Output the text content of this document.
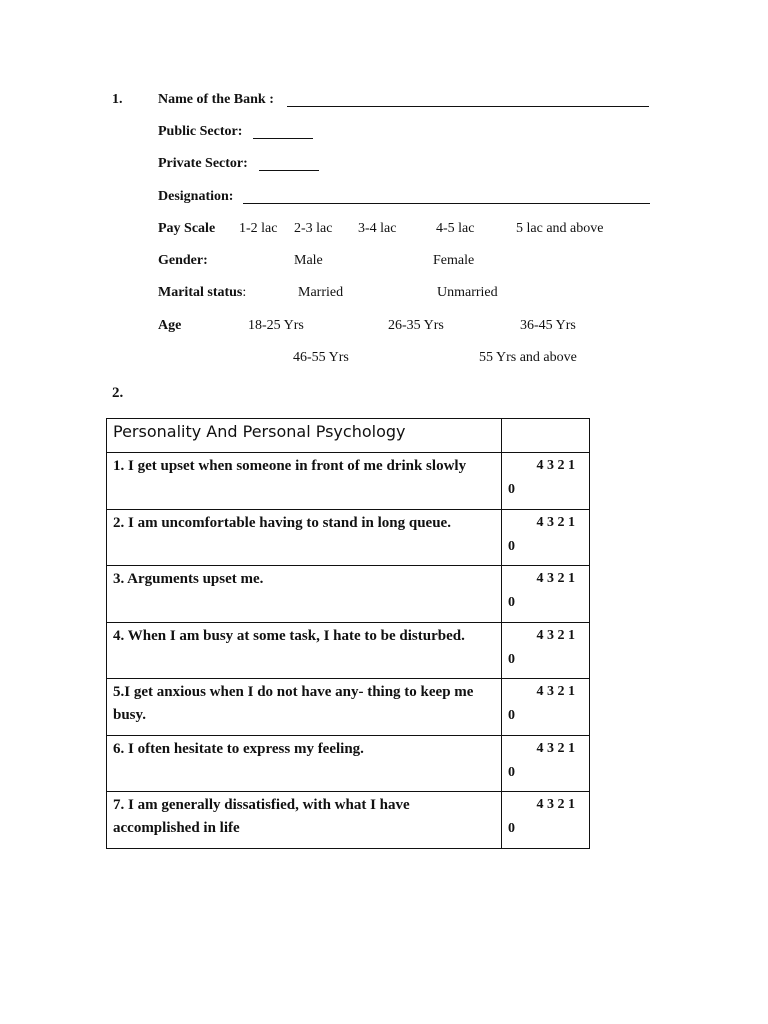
1.	Name of the Bank :
Public Sector:
Private Sector:
Designation:
Pay Scale 1-2 lac 2-3 lac 3-4 lac	4-5 lac	5 lac and above
Gender:	Male	Female
Marital status:	Married	Unmarried
Age	18-25 Yrs	26-35 Yrs	36-45 Yrs
46-55 Yrs	55 Yrs and above
2.
Personality And Personal Psychology	

1. I get upset when someone in front of me drink slowly	4 3 2 1
0

2. I am uncomfortable having to stand in long queue.	4 3 2 1
0

3. Arguments upset me.	4 3 2 1
0

4. When I am busy at some task, I hate to be disturbed.	4 3 2 1
0

5.I get anxious when I do not have any- thing to keep me busy.	4 3 2 1
0

6. I often hesitate to express my feeling.	4 3 2 1
0

7. I am generally dissatisfied, with what I have accomplished in life	4 3 2 1
0
